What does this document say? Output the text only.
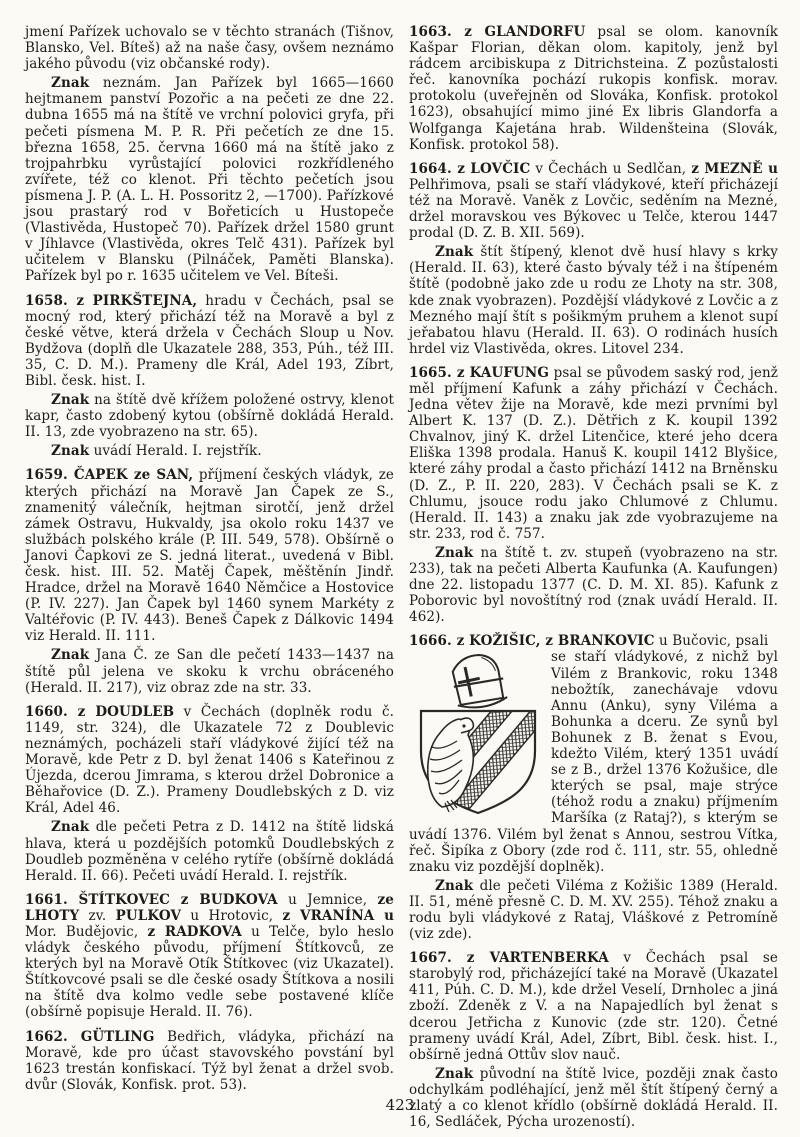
jmení Pařízek uchovalo se v těchto stranách (Tišnov, Blansko, Vel. Bíteš) až na naše časy, ovšem neznámo jakého původu (viz občanské rody).

Znak neznám. Jan Pařízek byl 1665—1660 hejtmanem panství Pozořic a na pečeti ze dne 22. dubna 1655 má na štítě ve vrchní polovici gryfa, při pečeti písmena M. P. R. Při pečetích ze dne 15. března 1658, 25. června 1660 má na štítě jako z trojpahrbku vyrůstající polovici rozkřídleného zvířete, též co klenot. Při těchto pečetích jsou písmena J. P. (A. L. H. Possoritz 2, —1700). Pařízkové jsou prastarý rod v Bořeticích u Hustopeče (Vlastivěda, Hustopeč 70). Pařízek držel 1580 grunt v Jíhlavce (Vlastivěda, okres Telč 431). Pařízek byl učitelem v Blansku (Pilnáček, Paměti Blanska). Pařízek byl po r. 1635 učitelem ve Vel. Bíteši.

1658. z PIRKŠTEJNA, hradu v Čechách, psal se mocný rod, který přichází též na Moravě a byl z české větve, která držela v Čechách Sloup u Nov. Bydžova (doplň dle Ukazatele 288, 353, Púh., též III. 35, C. D. M.). Prameny dle Král, Adel 193, Zíbrt, Bibl. česk. hist. I.

Znak na štítě dvě křížem položené ostrvy, klenot kapr, často zdobený kytou (obšírně dokládá Herald. II. 13, zde vyobrazeno na str. 65).

Znak uvádí Herald. I. rejstřík.

1659. ČAPEK ze SAN, příjmení českých vládyk, ze kterých přichází na Moravě Jan Čapek ze S., znamenitý válečník, hejtman sirotčí, jenž držel zámek Ostravu, Hukvaldy, jsa okolo roku 1437 ve službách polského krále (P. III. 549, 578). Obšírně o Janovi Čapkovi ze S. jedná literat., uvedená v Bibl. česk. hist. III. 52. Matěj Čapek, měštěnín Jindř. Hradce, držel na Moravě 1640 Němčice a Hostovice (P. IV. 227). Jan Čapek byl 1460 synem Markéty z Valtéřovic (P. IV. 443). Beneš Čapek z Dálkovic 1494 viz Herald. II. 111.

Znak Jana Č. ze San dle pečetí 1433—1437 na štítě půl jelena ve skoku k vrchu obráceného (Herald. II. 217), viz obraz zde na str. 33.

1660. z DOUDLEB v Čechách (doplněk rodu č. 1149, str. 324), dle Ukazatele 72 z Doublevic neznámých, pocházeli staří vládykové žijící též na Moravě, kde Petr z D. byl ženat 1406 s Kateřinou z Újezda, dcerou Jimrama, s kterou držel Dobronice a Běhařovice (D. Z.). Prameny Doudlebských z D. viz Král, Adel 46.

Znak dle pečeti Petra z D. 1412 na štítě lidská hlava, která u pozdějších potomků Doudlebských z Doudleb pozměněna v celého rytíře (obšírně dokládá Herald. II. 66). Pečeti uvádí Herald. I. rejstřík.

1661. ŠTÍTKOVEC z BUDKOVA u Jemnice, ze LHOTY zv. PULKOV u Hrotovic, z VRANÍNA u Mor. Budějovic, z RADKOVA u Telče, bylo heslo vládyk českého původu, příjmení Štítkovců, ze kterých byl na Moravě Otík Štítkovec (viz Ukazatel). Štítkovcové psali se dle české osady Štítkova a nosili na štítě dva kolmo vedle sebe postavené klíče (obšírně popisuje Herald. II. 76).

1662. GÜTLING Bedřich, vládyka, přichází na Moravě, kde pro účast stavovského povstání byl 1623 trestán konfiskací. Týž byl ženat a držel svob. dvůr (Slovák, Konfisk. prot. 53).

1663. z GLANDORFU psal se olom. kanovník Kašpar Florian, děkan olom. kapitoly, jenž byl rádcem arcibiskupa z Ditrichsteina. Z pozůstalosti řeč. kanovníka pochází rukopis konfisk. morav. protokolu (uveřejněn od Slováka, Konfisk. protokol 1623), obsahující mimo jiné Ex libris Glandorfa a Wolfganga Kajetána hrab. Wildenšteina (Slovák, Konfisk. protokol 58).

1664. z LOVČIC v Čechách u Sedlčan, z MEZNĚ u Pelhřimova, psali se staří vládykové, kteří přicházejí též na Moravě. Vaněk z Lovčic, seděním na Mezné, držel moravskou ves Býkovec u Telče, kterou 1447 prodal (D. Z. B. XII. 569).

Znak štít štípený, klenot dvě husí hlavy s krky (Herald. II. 63), které často bývaly též i na štípeném štítě (podobně jako zde u rodu ze Lhoty na str. 308, kde znak vyobrazen). Pozdější vládykové z Lovčic a z Mezného mají štít s pošikmým pruhem a klenot supí jeřabatou hlavu (Herald. II. 63). O rodinách husích hrdel viz Vlastivěda, okres. Litovel 234.

1665. z KAUFUNG psal se původem saský rod, jenž měl příjmení Kafunk a záhy přichází v Čechách. Jedna větev žije na Moravě, kde mezi prvními byl Albert K. 137 (D. Z.). Dětřich z K. koupil 1392 Chvalnov, jiný K. držel Litenčice, které jeho dcera Eliška 1398 prodala. Hanuš K. koupil 1412 Blyšice, které záhy prodal a často přichází 1412 na Brněnsku (D. Z., P. II. 220, 283). V Čechách psali se K. z Chlumu, jsouce rodu jako Chlumové z Chlumu. (Herald. II. 143) a znaku jak zde vyobrazujeme na str. 233, rod č. 757.

Znak na štítě t. zv. stupeň (vyobrazeno na str. 233), tak na pečeti Alberta Kaufunka (A. Kaufungen) dne 22. listopadu 1377 (C. D. M. XI. 85). Kafunk z Poborovic byl novoštítný rod (znak uvádí Herald. II. 462).

1666. z KOŽIŠIC, z BRANKOVIC u Bučovic, psali

se staří vládykové, z nichž byl Vilém z Brankovic, roku 1348 nebožtík, zanechávaje vdovu Annu (Anku), syny Viléma a Bohunka a dceru. Ze synů byl Bohunek z B. ženat s Evou, kdežto Vilém, který 1351 uvádí se z B., držel 1376 Kožušice, dle kterých se psal, maje strýce (téhož rodu a znaku) příjmením Maršíka (z Rataj?), s kterým se uvádí 1376. Vilém byl ženat s Annou, sestrou Vítka, řeč. Šipíka z Obory (zde rod č. 111, str. 55, ohledně znaku viz pozdější doplněk).

Znak dle pečeti Viléma z Kožišic 1389 (Herald. II. 51, méně přesně C. D. M. XV. 255). Téhož znaku a rodu byli vládykové z Rataj, Vláškové z Petromíně (viz zde).

1667. z VARTENBERKA v Čechách psal se starobylý rod, přicházející také na Moravě (Ukazatel 411, Púh. C. D. M.), kde držel Veselí, Drnholec a jiná zboží. Zdeněk z V. a na Napajedlích byl ženat s dcerou Jetřicha z Kunovic (zde str. 120). Četné prameny uvádí Král, Adel, Zíbrt, Bibl. česk. hist. I., obšírně jedná Ottův slov nauč.

Znak původní na štítě lvice, později znak často odchylkám podléhající, jenž měl štít štípený černý a zlatý a co klenot křídlo (obšírně dokládá Herald. II. 16, Sedláček, Pýcha urozeností).

423
